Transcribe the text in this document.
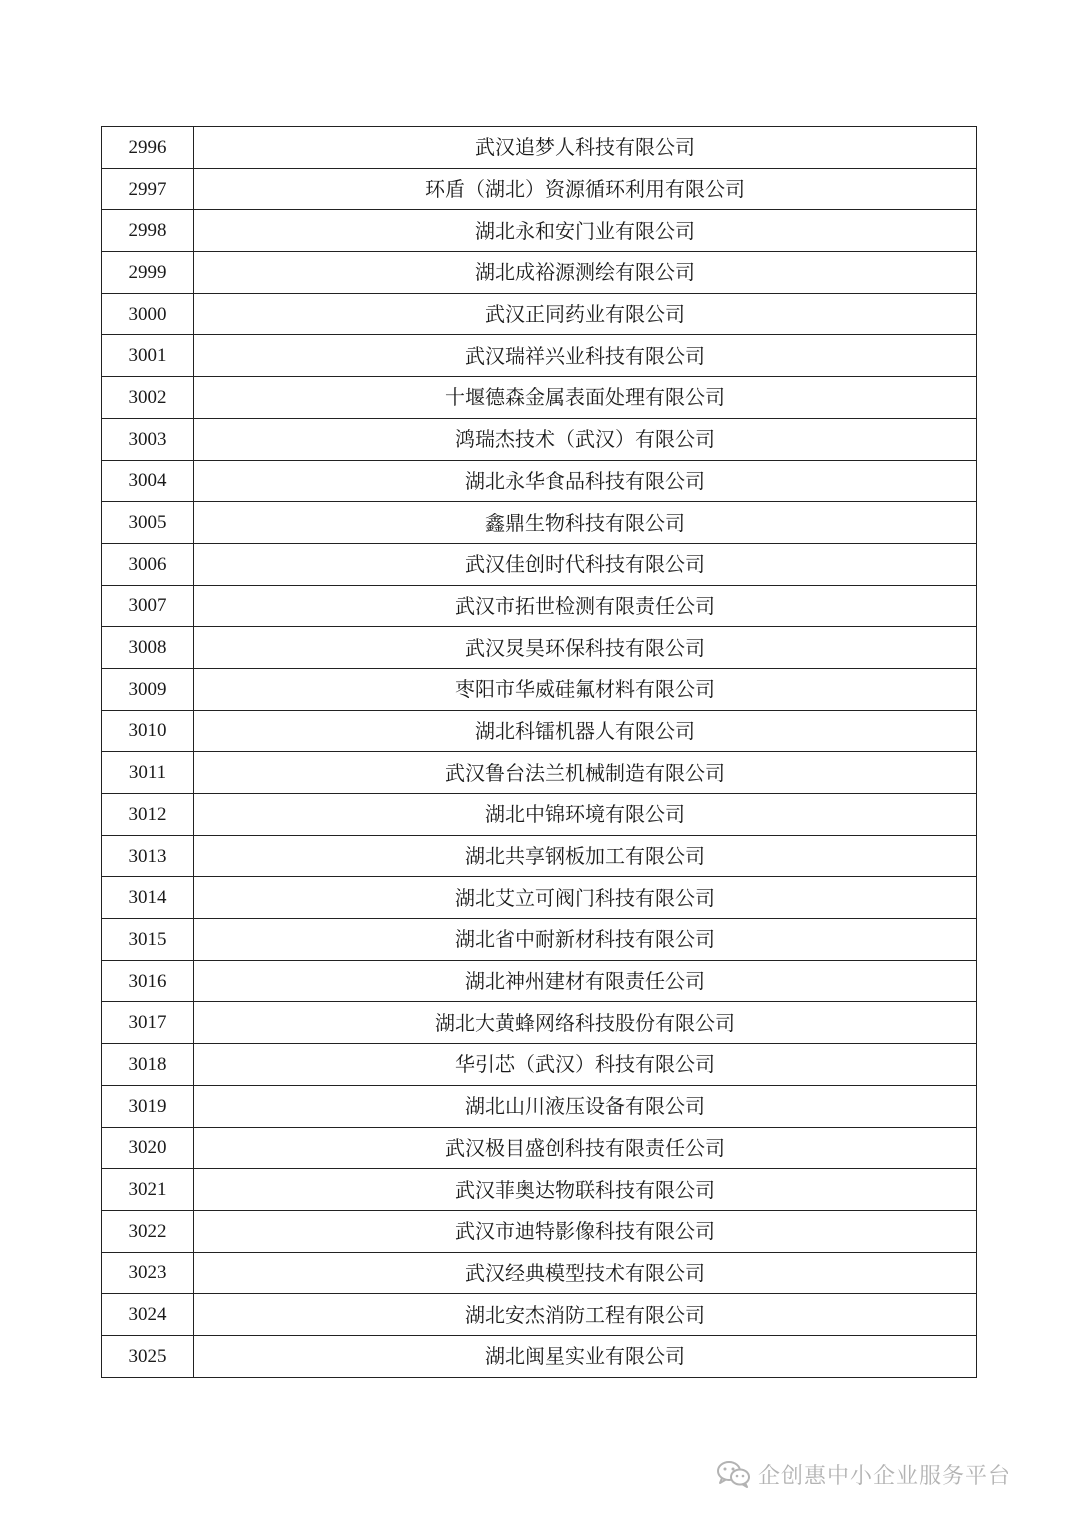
2996	武汉追梦人科技有限公司
2997	环盾（湖北）资源循环利用有限公司
2998	湖北永和安门业有限公司
2999	湖北成裕源测绘有限公司
3000	武汉正同药业有限公司
3001	武汉瑞祥兴业科技有限公司
3002	十堰德森金属表面处理有限公司
3003	鸿瑞杰技术（武汉）有限公司
3004	湖北永华食品科技有限公司
3005	鑫鼎生物科技有限公司
3006	武汉佳创时代科技有限公司
3007	武汉市拓世检测有限责任公司
3008	武汉炅昊环保科技有限公司
3009	枣阳市华威硅氟材料有限公司
3010	湖北科镭机器人有限公司
3011	武汉鲁台法兰机械制造有限公司
3012	湖北中锦环境有限公司
3013	湖北共享钢板加工有限公司
3014	湖北艾立可阀门科技有限公司
3015	湖北省中耐新材科技有限公司
3016	湖北神州建材有限责任公司
3017	湖北大黄蜂网络科技股份有限公司
3018	华引芯（武汉）科技有限公司
3019	湖北山川液压设备有限公司
3020	武汉极目盛创科技有限责任公司
3021	武汉菲奥达物联科技有限公司
3022	武汉市迪特影像科技有限公司
3023	武汉经典模型技术有限公司
3024	湖北安杰消防工程有限公司
3025	湖北闽星实业有限公司
企创惠中小企业服务平台
